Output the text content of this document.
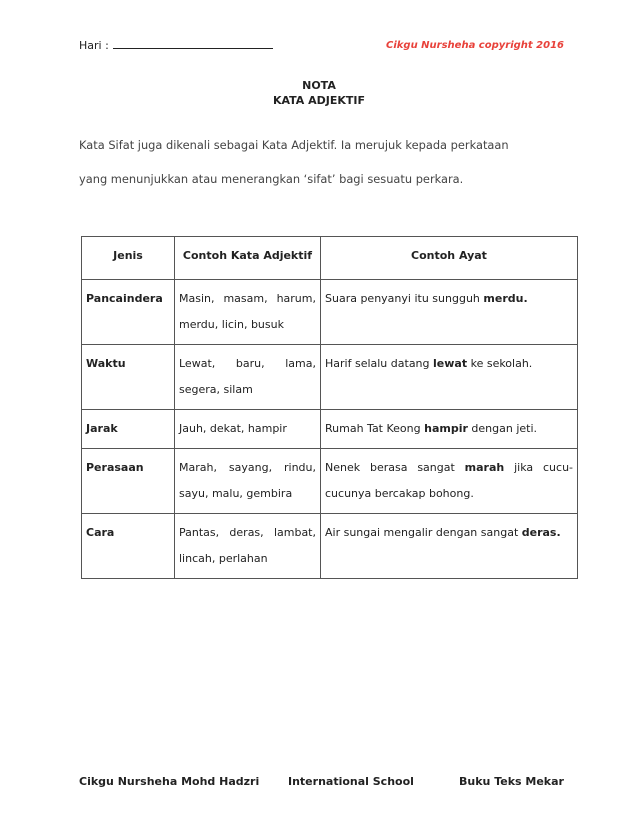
Hari :	Cikgu Nursheha copyright 2016
NOTA
KATA ADJEKTIF
Kata Sifat juga dikenali sebagai Kata Adjektif. Ia merujuk kepada perkataan
yang menunjukkan atau menerangkan ‘sifat’ bagi sesuatu perkara.
Jenis	Contoh Kata Adjektif	Contoh Ayat
Pancaindera	Masin, masam, harum, merdu, licin, busuk	Suara penyanyi itu sungguh merdu.
Waktu	Lewat, baru, lama, segera, silam	Harif selalu datang lewat ke sekolah.
Jarak	Jauh, dekat, hampir	Rumah Tat Keong hampir dengan jeti.
Perasaan	Marah, sayang, rindu, sayu, malu, gembira	Nenek berasa sangat marah jika cucu-cucunya bercakap bohong.
Cara	Pantas, deras, lambat, lincah, perlahan	Air sungai mengalir dengan sangat deras.
Cikgu Nursheha Mohd Hadzri	International School	Buku Teks Mekar
